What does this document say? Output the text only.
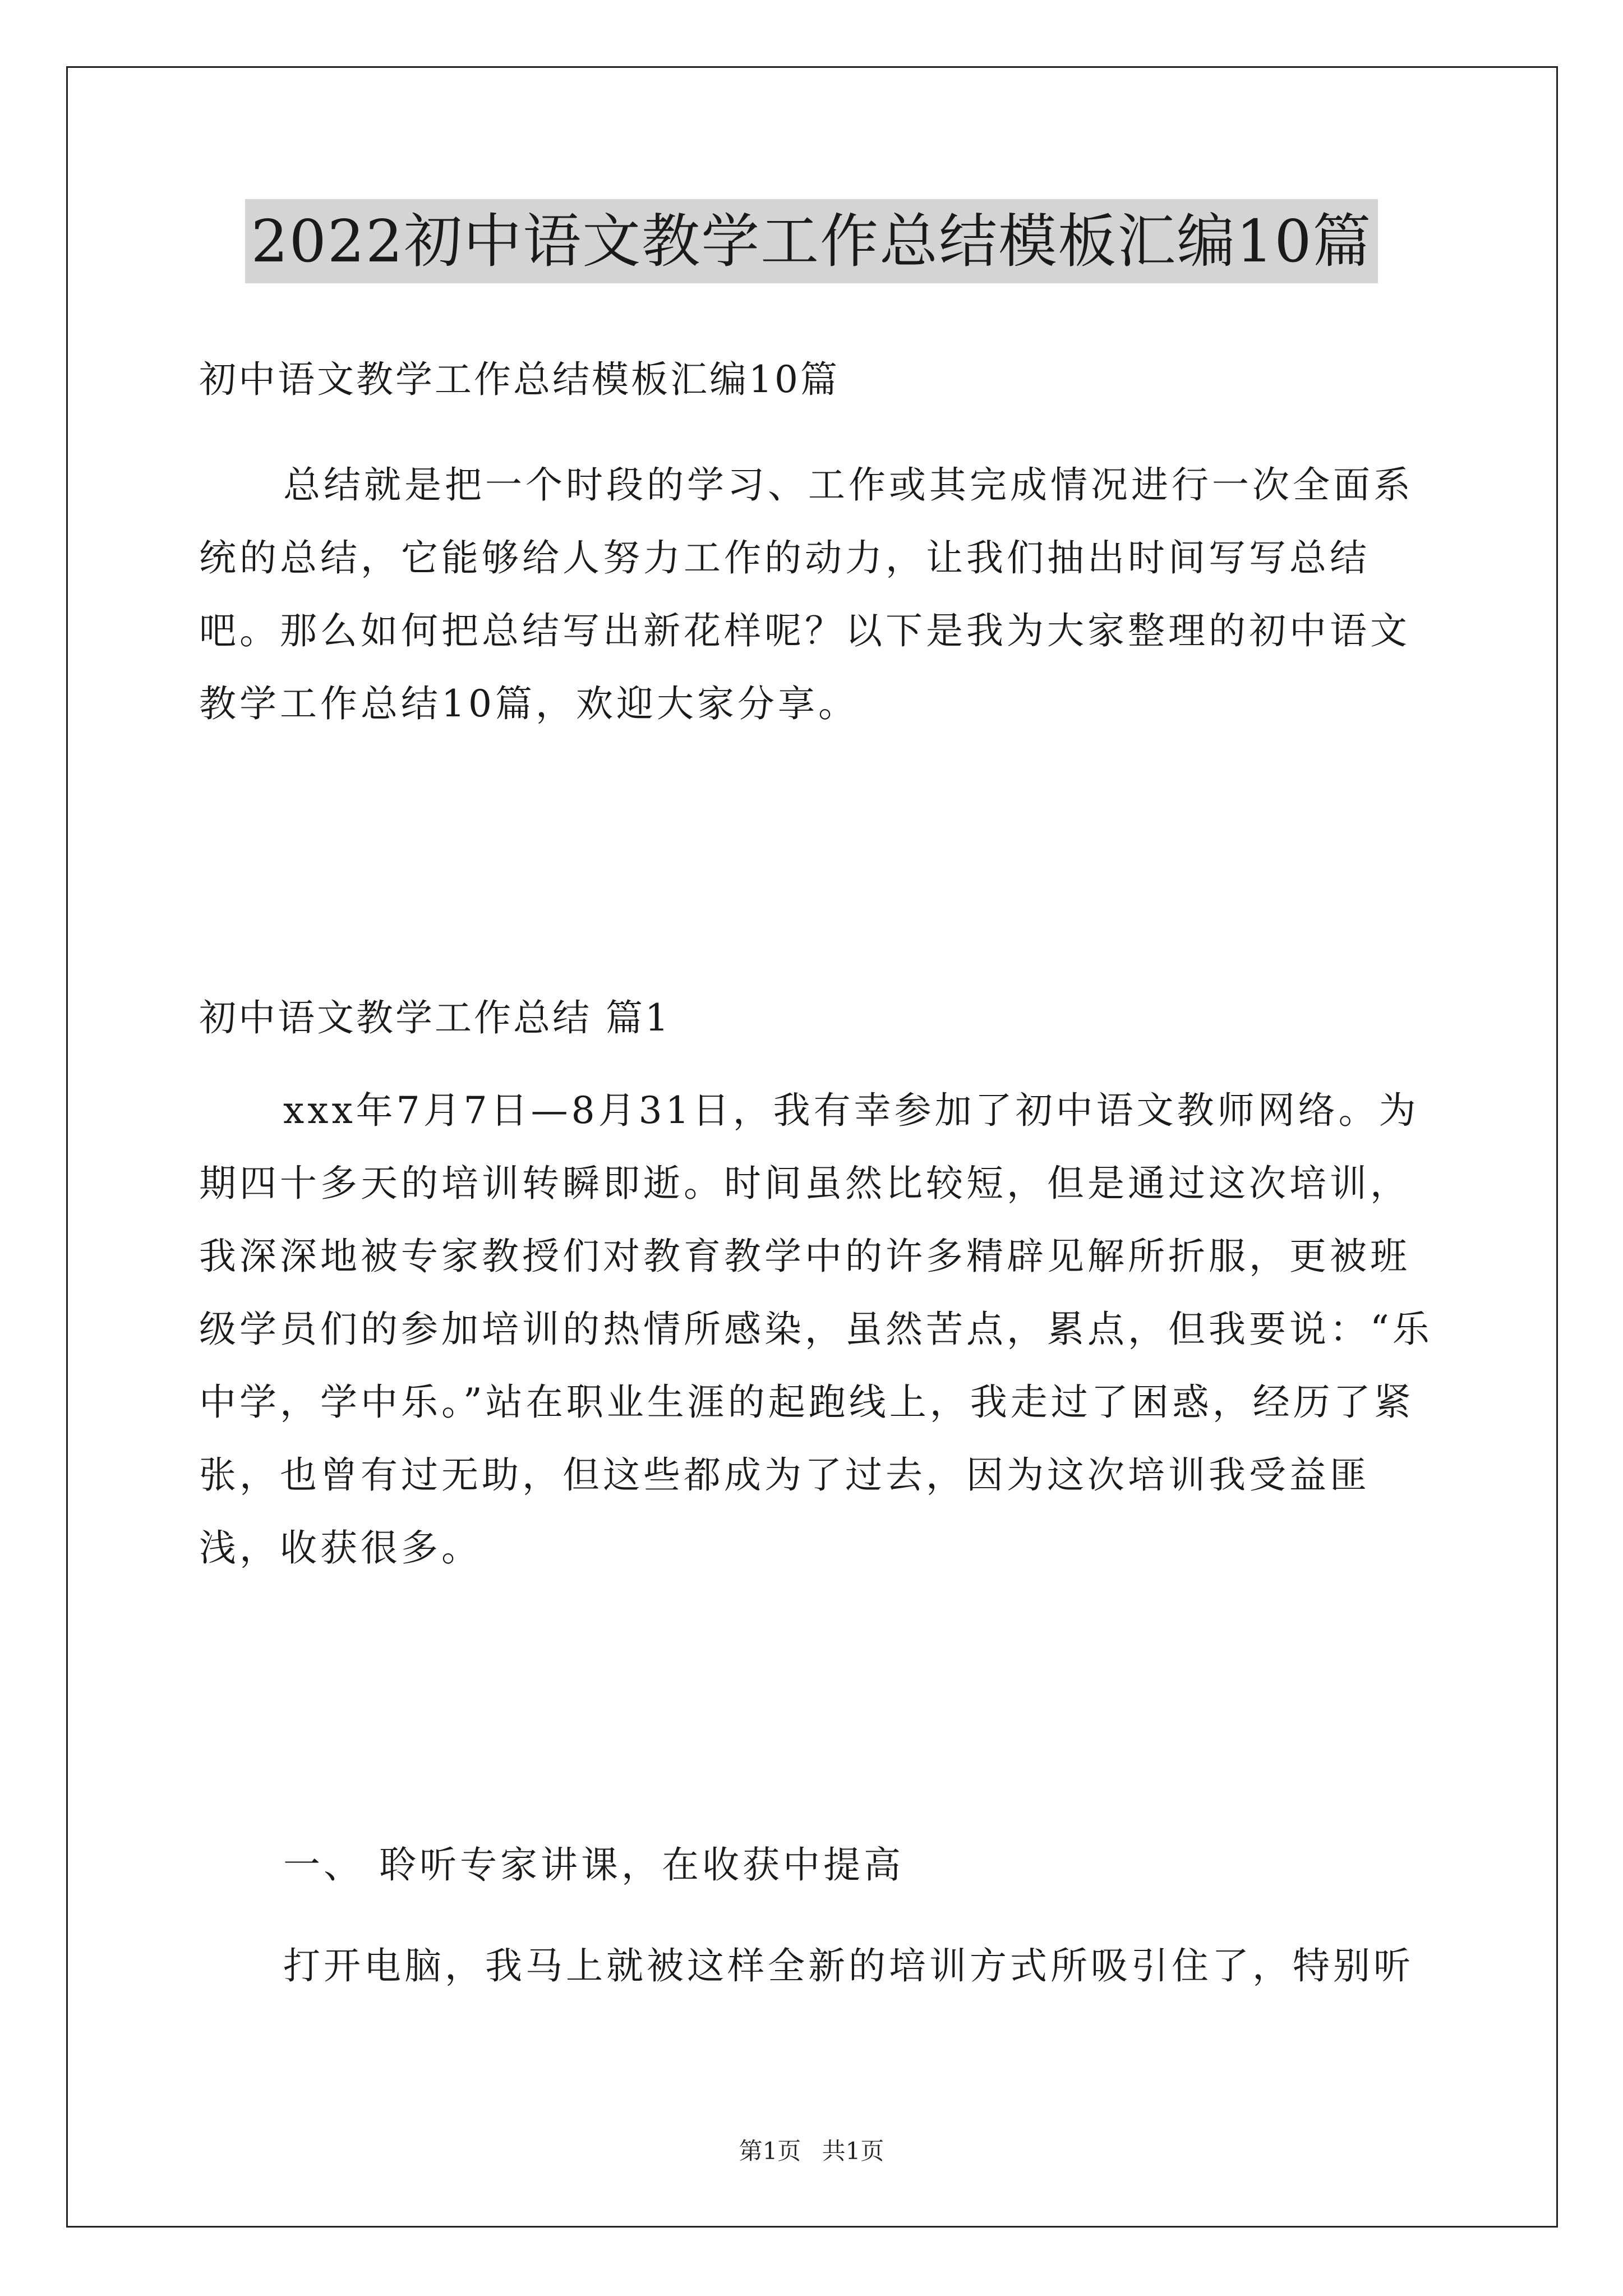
2022初中语文教学工作总结模板汇编10篇
初中语文教学工作总结模板汇编10篇

总结就是把一个时段的学习、工作或其完成情况进行一次全面系统的总结，它能够给人努力工作的动力，让我们抽出时间写写总结吧。那么如何把总结写出新花样呢？以下是我为大家整理的初中语文教学工作总结10篇，欢迎大家分享。

初中语文教学工作总结 篇1

xxx年7月7日—8月31日，我有幸参加了初中语文教师网络。为期四十多天的培训转瞬即逝。时间虽然比较短，但是通过这次培训，我深深地被专家教授们对教育教学中的许多精辟见解所折服，更被班级学员们的参加培训的热情所感染，虽然苦点，累点，但我要说：“乐中学，学中乐。”站在职业生涯的起跑线上，我走过了困惑，经历了紧张，也曾有过无助，但这些都成为了过去，因为这次培训我受益匪浅，收获很多。

一、 聆听专家讲课，在收获中提高

打开电脑，我马上就被这样全新的培训方式所吸引住了，特别听

第1页 共1页
